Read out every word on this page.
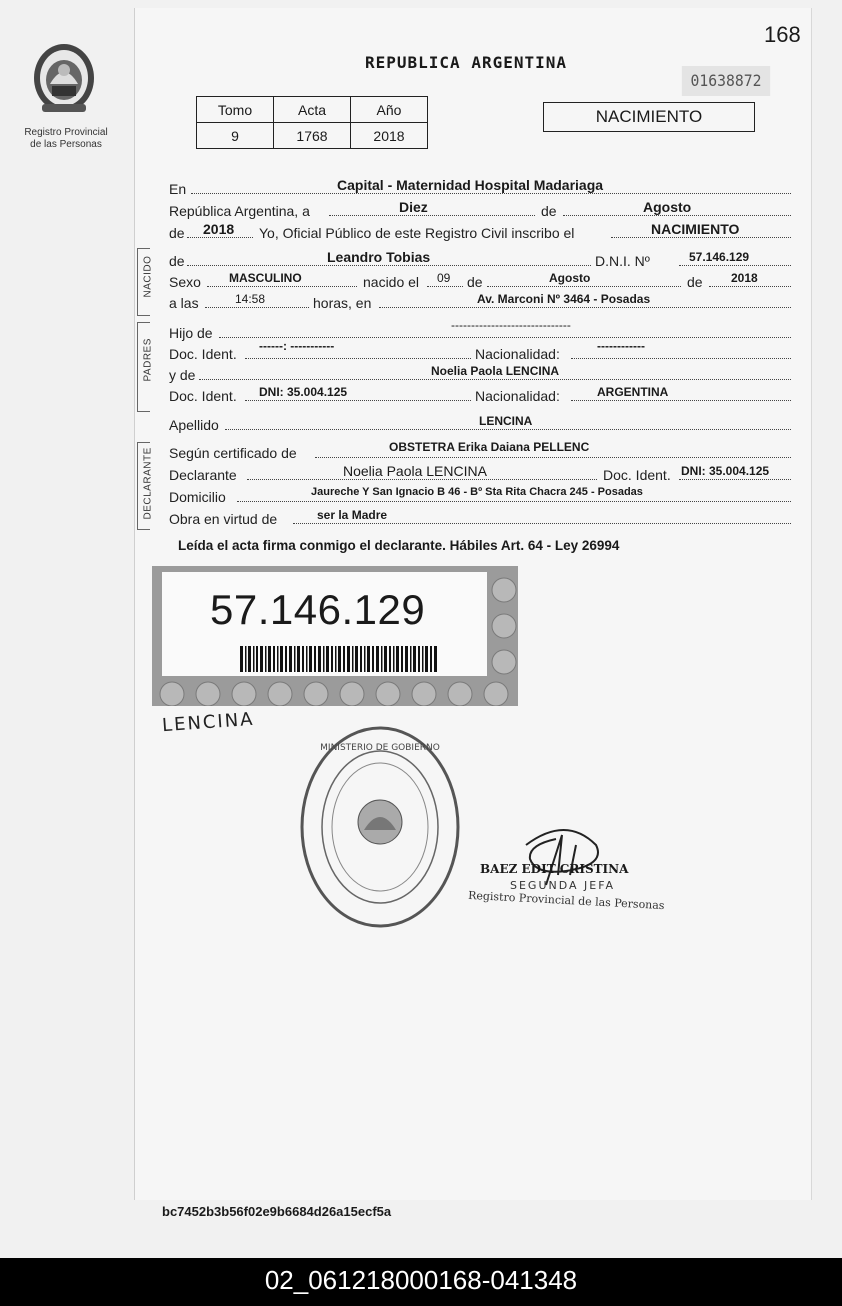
168
Registro Provincial
de las Personas
REPUBLICA ARGENTINA
01638872
Tomo	Acta	Año
9	1768	2018
NACIMIENTO
En	Capital - Maternidad Hospital Madariaga
República Argentina, a	Diez	de	Agosto
de 2018 Yo, Oficial Público de este Registro Civil inscribo el	NACIMIENTO
NACIDO de	Leandro Tobias	D.N.I. Nº	57.146.129
Sexo MASCULINO	nacido el 09 de	Agosto	de 2018
a las	14:58	horas, en	Av. Marconi Nº 3464 - Posadas
PADRES
Hijo de	------------------------------
Doc. Ident. ------: -----------	Nacionalidad:	------------
y de	Noelia Paola LENCINA
Doc. Ident. DNI: 35.004.125	Nacionalidad:	ARGENTINA
Apellido	LENCINA
DECLARANTE Según certificado de	OBSTETRA Erika Daiana PELLENC
Declarante	Noelia Paola LENCINA	Doc. Ident. DNI: 35.004.125
Domicilio	Jaureche Y San Ignacio B 46 - Bº Sta Rita Chacra 245 - Posadas
Obra en virtud de	ser la Madre
Leída el acta firma conmigo el declarante. Hábiles Art. 64 - Ley 26994
57.146.129
LENCINA
MINISTERIO DE GOBIERNO
BAEZ EDIT CRISTINA
SEGUNDA JEFA
Registro Provincial de las Personas
bc7452b3b56f02e9b6684d26a15ecf5a
02_061218000168-041348
